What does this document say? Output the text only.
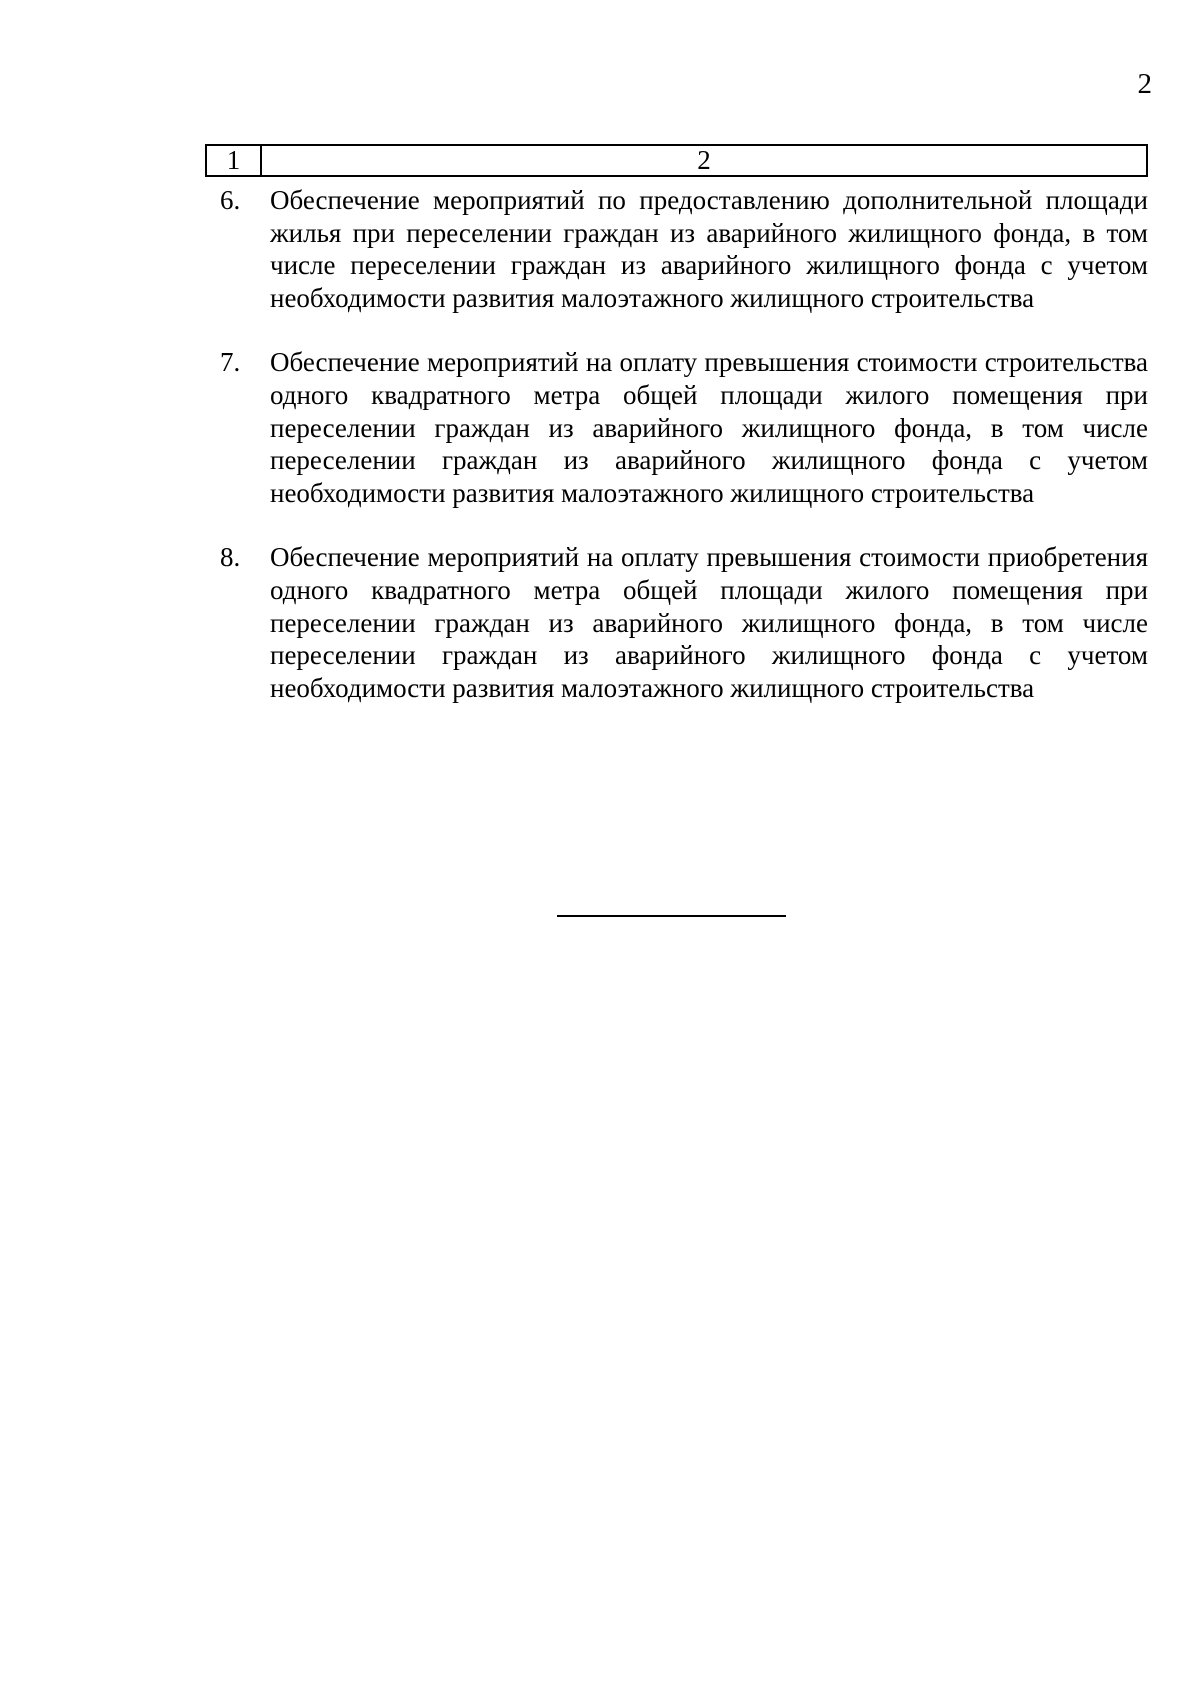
2
1	2
6.	Обеспечение мероприятий по предоставлению дополнительной площади жилья при переселении граждан из аварийного жилищного фонда, в том числе переселении граждан из аварийного жилищного фонда с учетом необходимости развития малоэтажного жилищного строительства
7.	Обеспечение мероприятий на оплату превышения стоимости строительства одного квадратного метра общей площади жилого помещения при переселении граждан из аварийного жилищного фонда, в том числе переселении граждан из аварийного жилищного фонда с учетом необходимости развития малоэтажного жилищного строительства
8.	Обеспечение мероприятий на оплату превышения стоимости приобретения одного квадратного метра общей площади жилого помещения при переселении граждан из аварийного жилищного фонда, в том числе переселении граждан из аварийного жилищного фонда с учетом необходимости развития малоэтажного жилищного строительства
